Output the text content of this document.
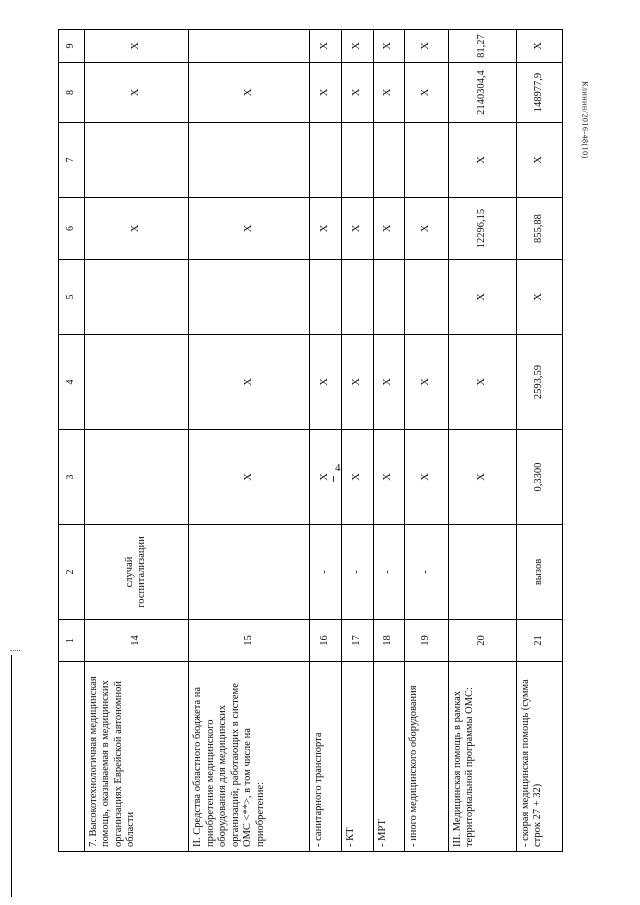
4
Клинин/2016-48(10)
	1	2	3	4	5	6	7	8	9
7. Высокотехнологичная медицинская помощь, оказываемая в медицинских организациях Еврейской автономной области	14	случай госпитализации				X		X	X
II. Средства областного бюджета на приобретение медицинского оборудования для медицинских организаций, работающих в системе ОМС <**>, в том числе на приобретение:	15		X	X		X		X	
- санитарного транспорта	16	-	X	X		X		X	X
- КТ	17	-	X	X		X		X	X
- МРТ	18	-	X	X		X		X	X
- иного медицинского оборудования	19	-	X	X		X		X	X
III. Медицинская помощь в рамках территориальной программы ОМС:	20		X	X	X	12296,15	X	2140304,4	81,27
- скорая медицинская помощь (сумма строк 27 + 32)	21	вызов	0,3300	2593,59	X	855,88	X	148977,9	X
